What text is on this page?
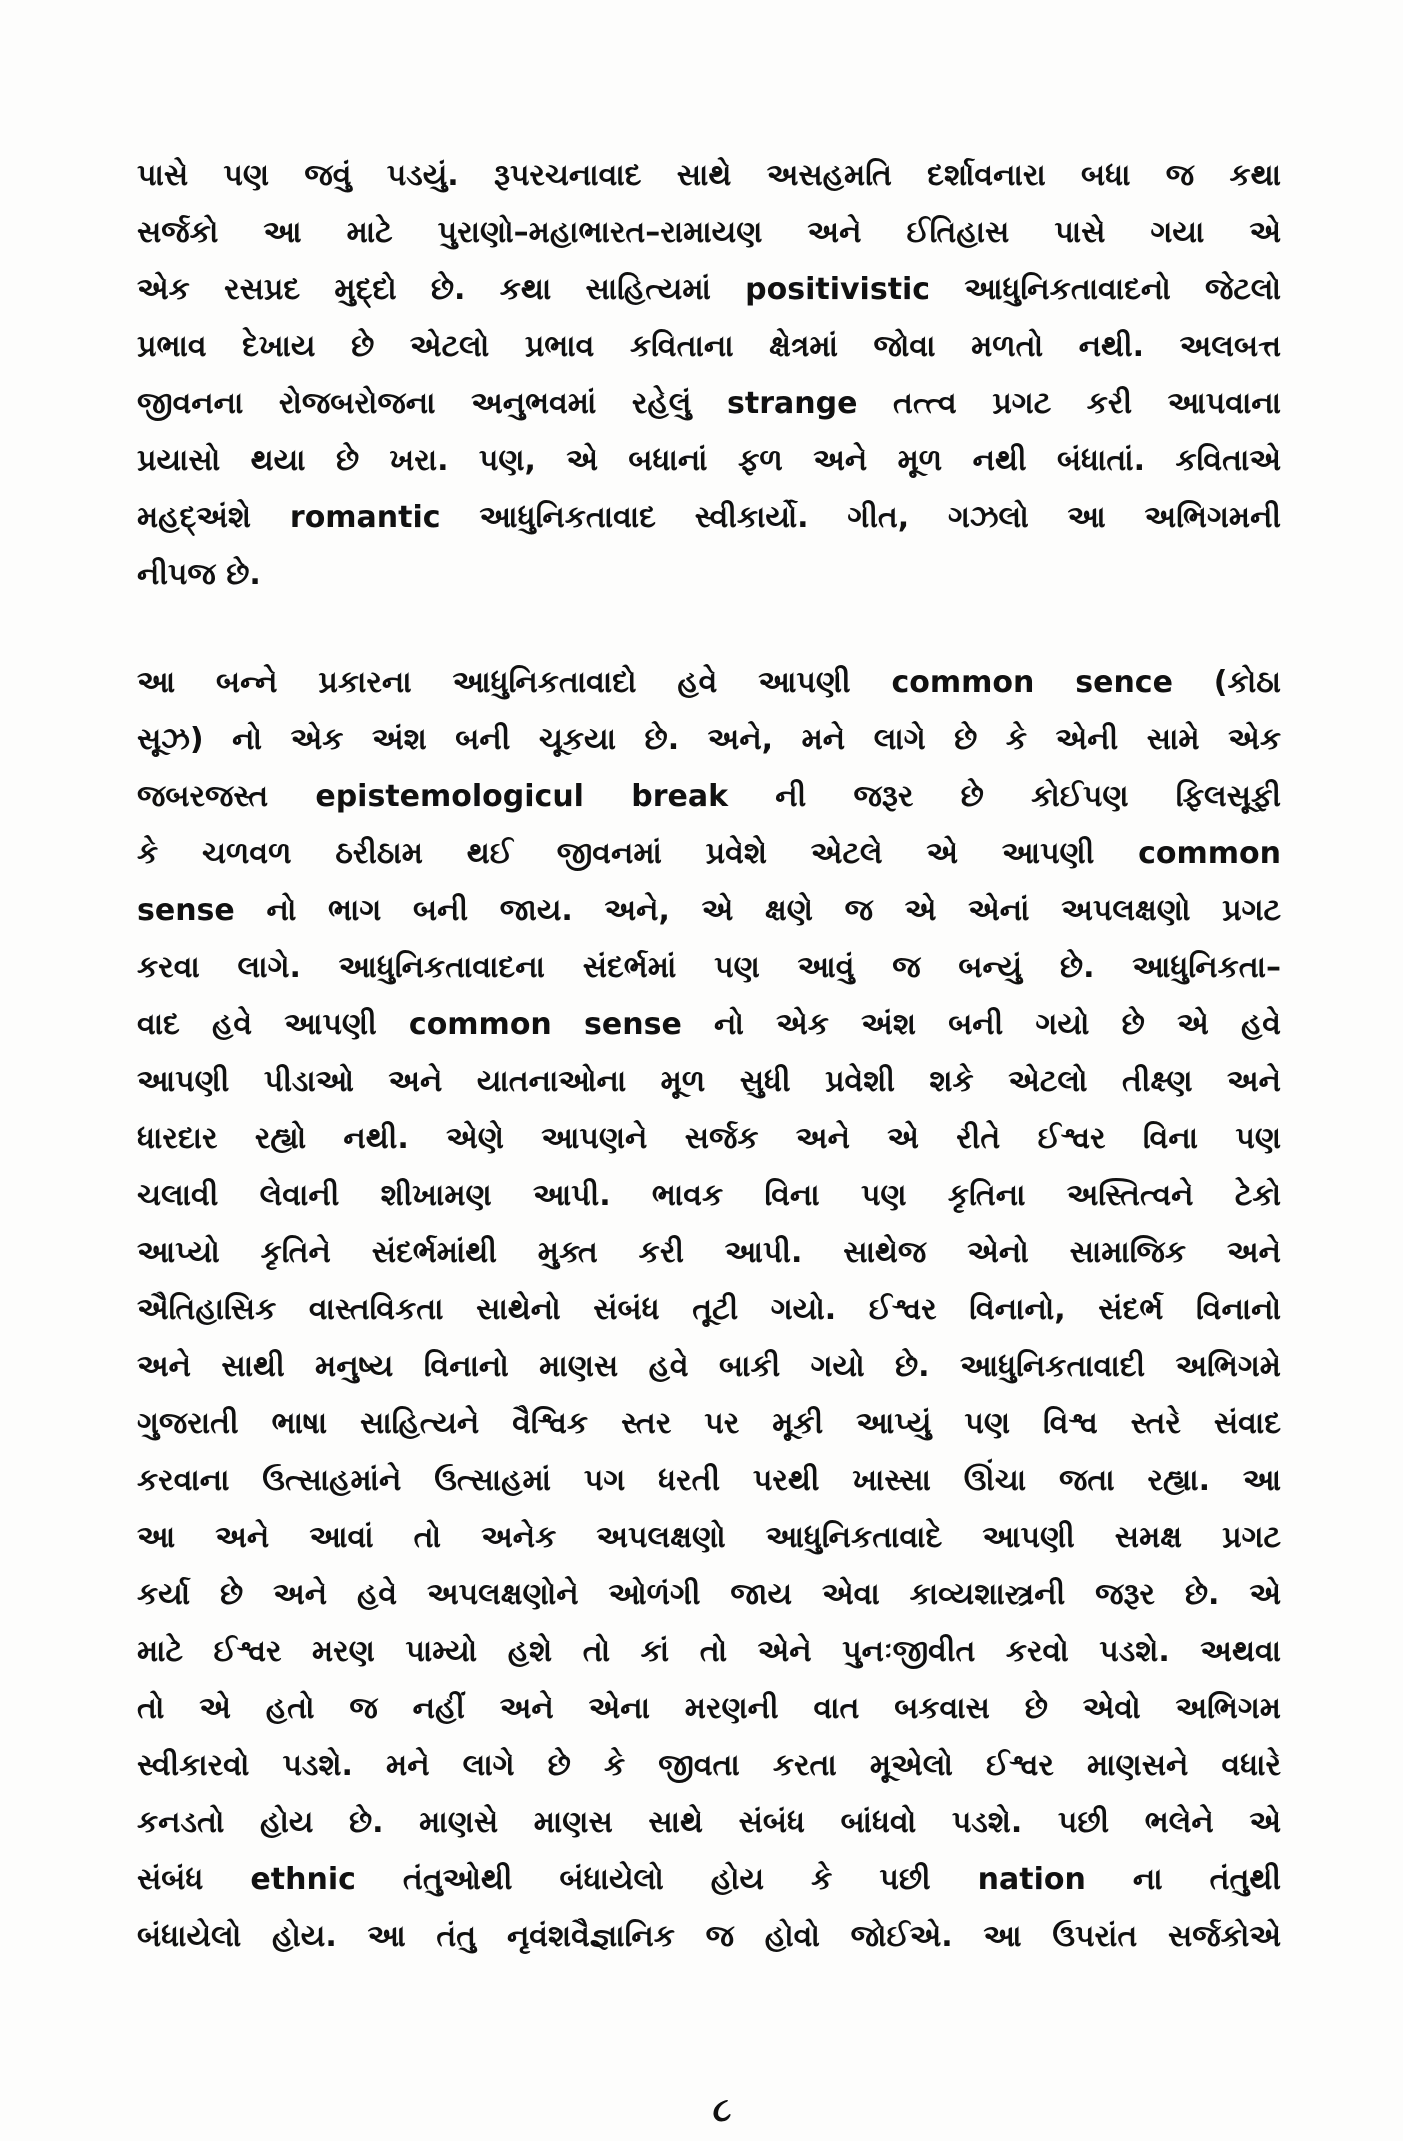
પાસે પણ જવું પડયું. રૂપરચનાવાદ સાથે અસહમતિ દર્શાવનારા બધા જ કથા
સર્જકો આ માટે પુરાણો–મહાભારત–રામાયણ અને ઈતિહાસ પાસે ગયા એ
એક રસપ્રદ મુદ્દો છે. કથા સાહિત્યમાં positivistic આધુનિકતાવાદનો જેટલો
પ્રભાવ દેખાય છે એટલો પ્રભાવ કવિતાના ક્ષેત્રમાં જોવા મળતો નથી. અલબત્ત
જીવનના રોજબરોજના અનુભવમાં રહેલું strange તત્ત્વ પ્રગટ કરી આપવાના
પ્રયાસો થયા છે ખરા. પણ, એ બધાનાં ફળ અને મૂળ નથી બંધાતાં. કવિતાએ
મહદ્અંશે romantic આધુનિકતાવાદ સ્વીકાર્યો. ગીત, ગઝલો આ અભિગમની
નીપજ છે.
આ બન્ને પ્રકારના આધુનિકતાવાદો હવે આપણી common sence (કોઠા
સૂઝ) નો એક અંશ બની ચૂકયા છે. અને, મને લાગે છે કે એની સામે એક
જબરજસ્ત epistemologicul break ની જરૂર છે કોઈપણ ફિલસૂફી
કે ચળવળ ઠરીઠામ થઈ જીવનમાં પ્રવેશે એટલે એ આપણી common
sense નો ભાગ બની જાય. અને, એ ક્ષણે જ એ એનાં અપલક્ષણો પ્રગટ
કરવા લાગે. આધુનિકતાવાદના સંદર્ભમાં પણ આવું જ બન્યું છે. આધુનિકતા–
વાદ હવે આપણી common sense નો એક અંશ બની ગયો છે એ હવે
આપણી પીડાઓ અને યાતનાઓના મૂળ સુધી પ્રવેશી શકે એટલો તીક્ષ્ણ અને
ધારદાર રહ્યો નથી. એણે આપણને સર્જક અને એ રીતે ઈશ્વર વિના પણ
ચલાવી લેવાની શીખામણ આપી. ભાવક વિના પણ કૃતિના અસ્તિત્વને ટેકો
આપ્યો કૃતિને સંદર્ભમાંથી મુક્ત કરી આપી. સાથેજ એનો સામાજિક અને
ઐતિહાસિક વાસ્તવિકતા સાથેનો સંબંધ તૂટી ગયો. ઈશ્વર વિનાનો, સંદર્ભ વિનાનો
અને સાથી મનુષ્ય વિનાનો માણસ હવે બાકી ગયો છે. આધુનિકતાવાદી અભિગમે
ગુજરાતી ભાષા સાહિત્યને વૈશ્વિક સ્તર પર મૂકી આપ્યું પણ વિશ્વ સ્તરે સંવાદ
કરવાના ઉત્સાહમાંને ઉત્સાહમાં પગ ધરતી પરથી ખાસ્સા ઊંચા જતા રહ્યા. આ
આ અને આવાં તો અનેક અપલક્ષણો આધુનિકતાવાદે આપણી સમક્ષ પ્રગટ
કર્યા છે અને હવે અપલક્ષણોને ઓળંગી જાય એવા કાવ્યશાસ્ત્રની જરૂર છે. એ
માટે ઈશ્વર મરણ પામ્યો હશે તો કાં તો એને પુનઃજીવીત કરવો પડશે. અથવા
તો એ હતો જ નહીં અને એના મરણની વાત બકવાસ છે એવો અભિગમ
સ્વીકારવો પડશે. મને લાગે છે કે જીવતા કરતા મૂએલો ઈશ્વર માણસને વધારે
કનડતો હોય છે. માણસે માણસ સાથે સંબંધ બાંધવો પડશે. પછી ભલેને એ
સંબંધ ethnic તંતુઓથી બંધાયેલો હોય કે પછી nation ના તંતુથી
બંધાયેલો હોય. આ તંતુ નૃવંશવૈજ્ઞાનિક જ હોવો જોઈએ. આ ઉપરાંત સર્જકોએ
૮
